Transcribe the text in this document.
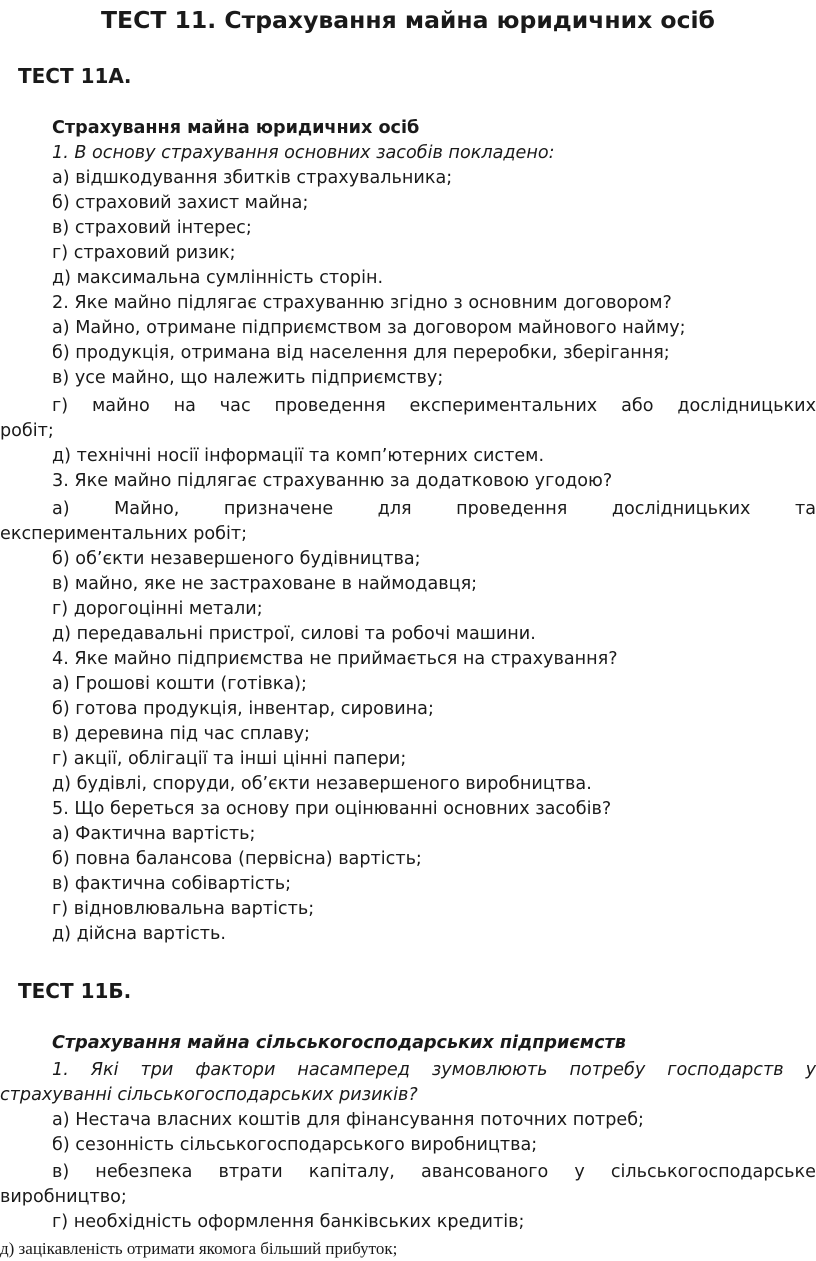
ТЕСТ 11. Страхування майна юридичних осіб
ТЕСТ 11А.
Страхування майна юридичних осіб
1. В основу страхування основних засобів покладено:
а) відшкодування збитків страхувальника;
б) страховий захист майна;
в) страховий інтерес;
г) страховий ризик;
д) максимальна сумлінність сторін.
2. Яке майно підлягає страхуванню згідно з основним договором?
а) Майно, отримане підприємством за договором майнового найму;
б) продукція, отримана від населення для переробки, зберігання;
в) усе майно, що належить підприємству;
г) майно на час проведення експериментальних або дослідницьких
робіт;
д) технічні носії інформації та комп’ютерних систем.
3. Яке майно підлягає страхуванню за додатковою угодою?
а) Майно, призначене для проведення дослідницьких та
експериментальних робіт;
б) об’єкти незавершеного будівництва;
в) майно, яке не застраховане в наймодавця;
г) дорогоцінні метали;
д) передавальні пристрої, силові та робочі машини.
4. Яке майно підприємства не приймається на страхування?
а) Грошові кошти (готівка);
б) готова продукція, інвентар, сировина;
в) деревина під час сплаву;
г) акції, облігації та інші цінні папери;
д) будівлі, споруди, об’єкти незавершеного виробництва.
5. Що береться за основу при оцінюванні основних засобів?
а) Фактична вартість;
б) повна балансова (первісна) вартість;
в) фактична собівартість;
г) відновлювальна вартість;
д) дійсна вартість.
ТЕСТ 11Б.
Страхування майна сільськогосподарських підприємств
1. Які три фактори насамперед зумовлюють потребу господарств у
страхуванні сільськогосподарських ризиків?
а) Нестача власних коштів для фінансування поточних потреб;
б) сезонність сільськогосподарського виробництва;
в) небезпека втрати капіталу, авансованого у сільськогосподарське
виробництво;
г) необхідність оформлення банківських кредитів;
д) зацікавленість отримати якомога більший прибуток;
